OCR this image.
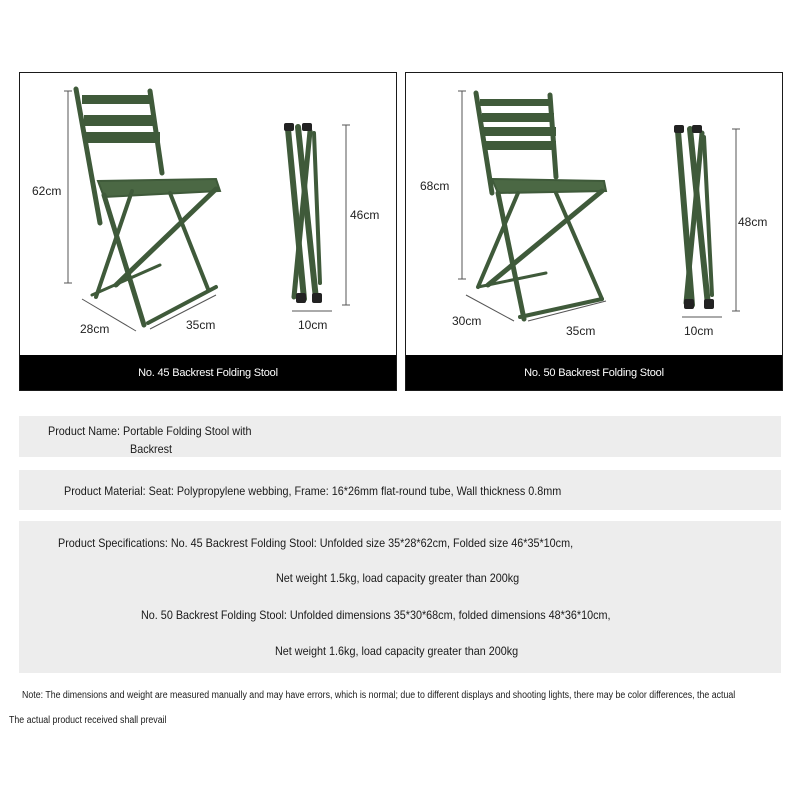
62cm
28cm	35cm
46cm
10cm
No. 45 Backrest Folding Stool
68cm
30cm
35cm
48cm
10cm
No. 50 Backrest Folding Stool
Product Name: Portable Folding Stool with
Backrest
Product Material: Seat: Polypropylene webbing, Frame: 16*26mm flat-round tube, Wall thickness 0.8mm
Product Specifications: No. 45 Backrest Folding Stool: Unfolded size 35*28*62cm, Folded size 46*35*10cm,
Net weight 1.5kg, load capacity greater than 200kg
No. 50 Backrest Folding Stool: Unfolded dimensions 35*30*68cm, folded dimensions 48*36*10cm,
Net weight 1.6kg, load capacity greater than 200kg
Note: The dimensions and weight are measured manually and may have errors, which is normal; due to different displays and shooting lights, there may be color differences, the actual
The actual product received shall prevail
